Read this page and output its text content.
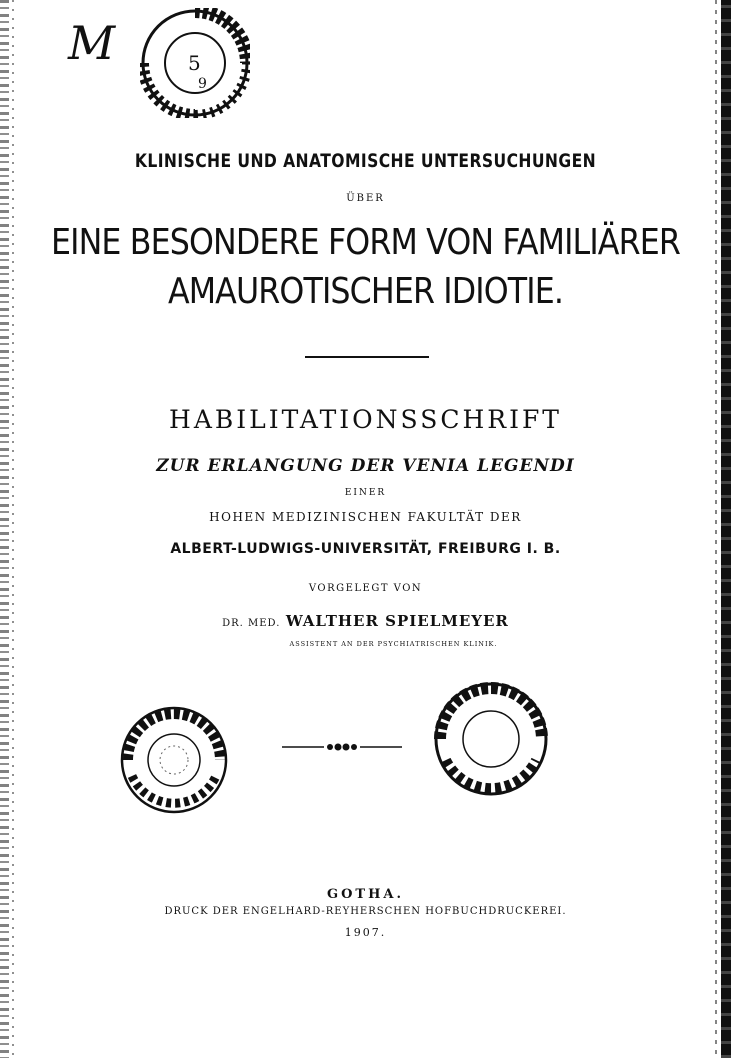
M	5
9

KLINISCHE UND ANATOMISCHE UNTERSUCHUNGEN

ÜBER

EINE BESONDERE FORM VON FAMILIÄRER

AMAUROTISCHER IDIOTIE.

HABILITATIONSSCHRIFT

ZUR ERLANGUNG DER VENIA LEGENDI

EINER

HOHEN MEDIZINISCHEN FAKULTÄT DER

ALBERT-LUDWIGS-UNIVERSITÄT, FREIBURG I. B.

VORGELEGT VON

DR. MED. WALTHER SPIELMEYER

ASSISTENT AN DER PSYCHIATRISCHEN KLINIK.

GOTHA.

DRUCK DER ENGELHARD-REYHERSCHEN HOFBUCHDRUCKEREI.

1907.
